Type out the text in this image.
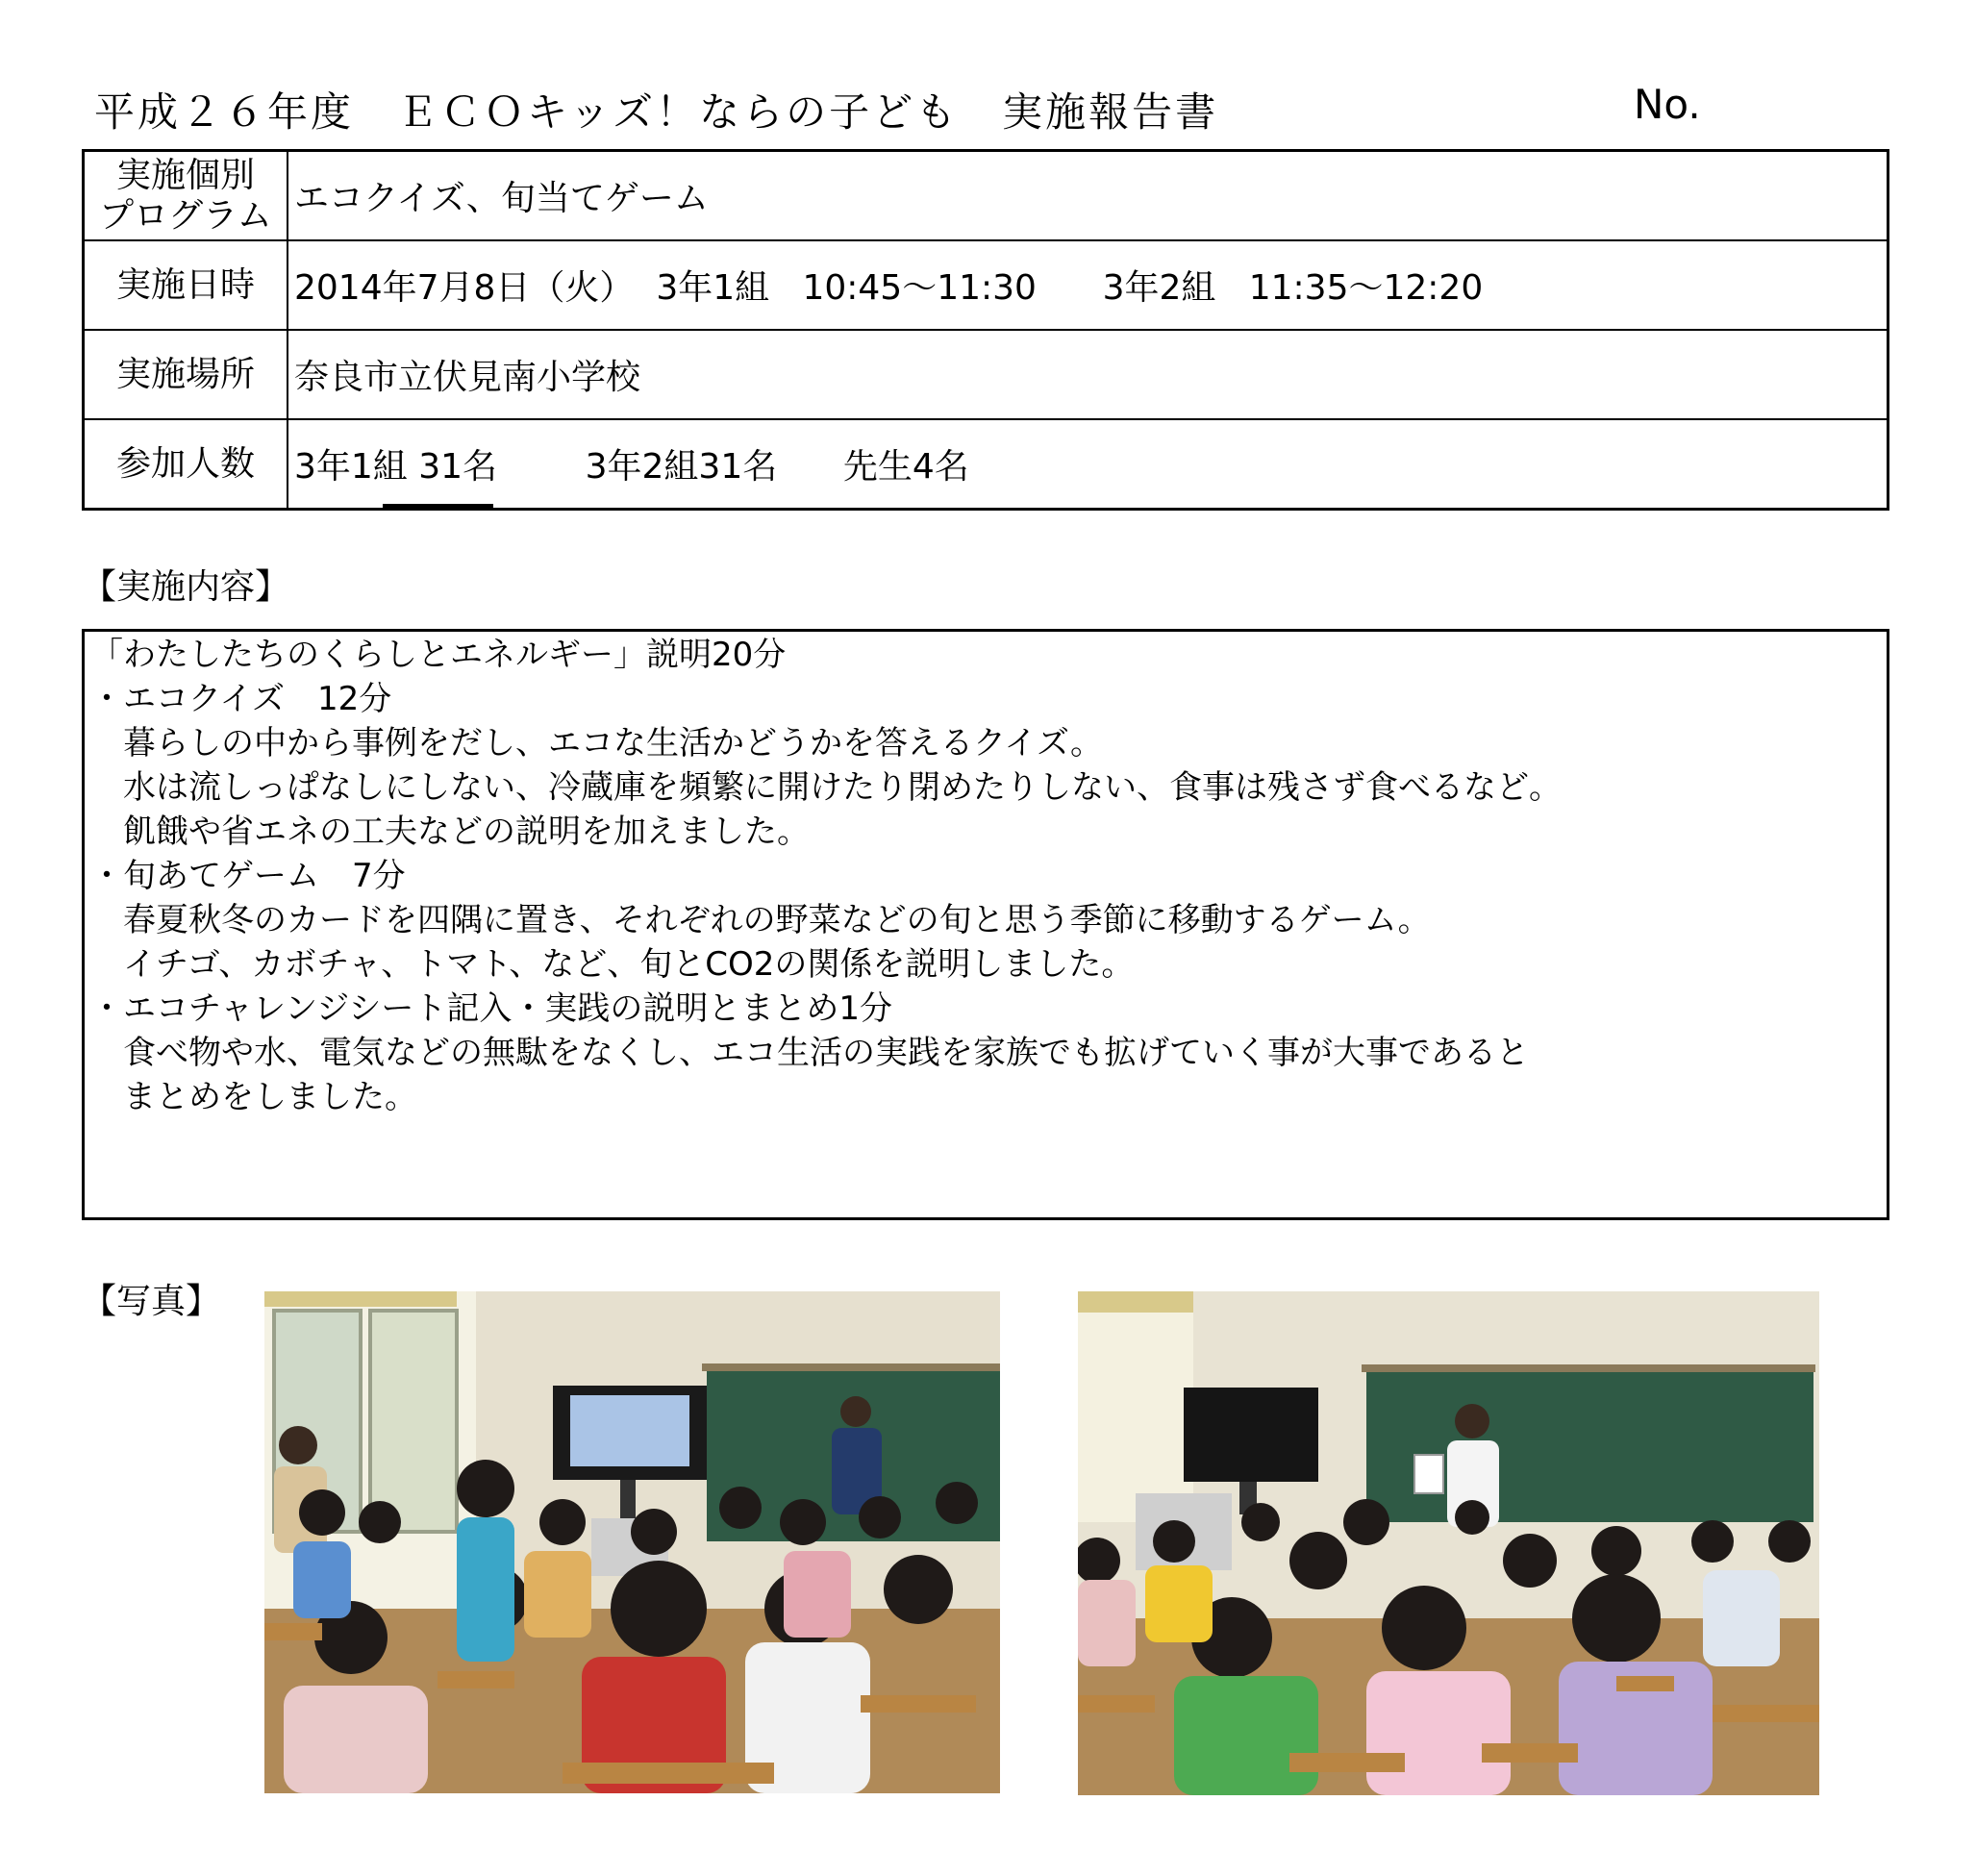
平成２６年度　ＥＣＯキッズ！ならの子ども　実施報告書	No.
実施個別
プログラム	エコクイズ、旬当てゲーム
実施日時	2014年7月8日（火）  3年1組   10:45～11:30      3年2組   11:35～12:20
実施場所	奈良市立伏見南小学校
参加人数	3年1組 31名        3年2組31名      先生4名
【実施内容】
「わたしたちのくらしとエネルギー」説明20分
・エコクイズ　12分
　暮らしの中から事例をだし、エコな生活かどうかを答えるクイズ。
　水は流しっぱなしにしない、冷蔵庫を頻繁に開けたり閉めたりしない、食事は残さず食べるなど。
　飢餓や省エネの工夫などの説明を加えました。
・旬あてゲーム　7分
　春夏秋冬のカードを四隅に置き、それぞれの野菜などの旬と思う季節に移動するゲーム。
　イチゴ、カボチャ、トマト、など、旬とCO2の関係を説明しました。
・エコチャレンジシート記入・実践の説明とまとめ1分
　食べ物や水、電気などの無駄をなくし、エコ生活の実践を家族でも拡げていく事が大事であると
　まとめをしました。
【写真】
